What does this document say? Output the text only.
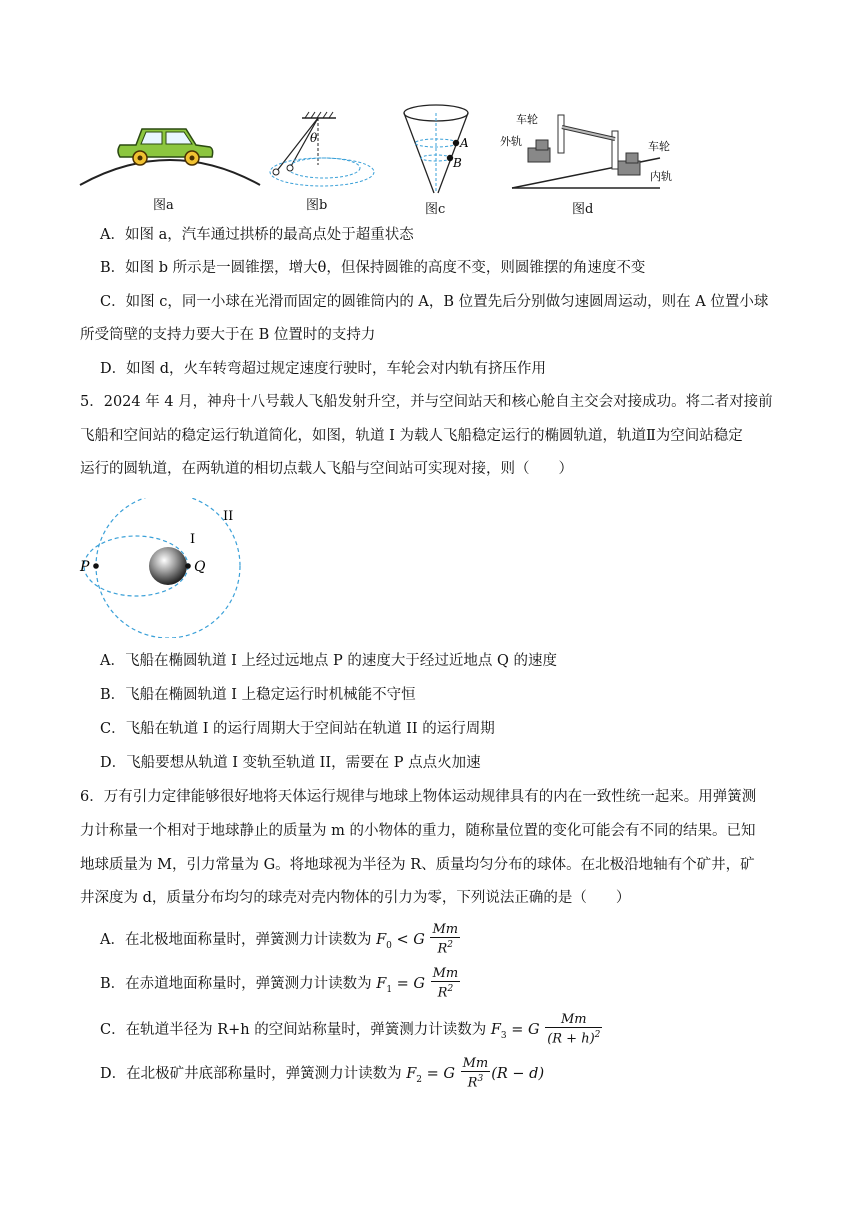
图a
θ
图b
A
B
图c
车轮
外轨	车轮
内轨
图d
A．如图 a，汽车通过拱桥的最高点处于超重状态
B．如图 b 所示是一圆锥摆，增大θ，但保持圆锥的高度不变，则圆锥摆的角速度不变
C．如图 c，同一小球在光滑而固定的圆锥筒内的 A，B 位置先后分别做匀速圆周运动，则在 A 位置小球
所受筒壁的支持力要大于在 B 位置时的支持力
D．如图 d，火车转弯超过规定速度行驶时，车轮会对内轨有挤压作用
5．2024 年 4 月，神舟十八号载人飞船发射升空，并与空间站天和核心舱自主交会对接成功。将二者对接前
飞船和空间站的稳定运行轨道简化，如图，轨道 I 为载人飞船稳定运行的椭圆轨道，轨道Ⅱ为空间站稳定
运行的圆轨道，在两轨道的相切点载人飞船与空间站可实现对接，则（　　）
II
I
P	Q
A．飞船在椭圆轨道 I 上经过远地点 P 的速度大于经过近地点 Q 的速度
B．飞船在椭圆轨道 I 上稳定运行时机械能不守恒
C．飞船在轨道 I 的运行周期大于空间站在轨道 II 的运行周期
D．飞船要想从轨道 I 变轨至轨道 II，需要在 P 点点火加速
6．万有引力定律能够很好地将天体运行规律与地球上物体运动规律具有的内在一致性统一起来。用弹簧测
力计称量一个相对于地球静止的质量为 m 的小物体的重力，随称量位置的变化可能会有不同的结果。已知
地球质量为 M，引力常量为 G。将地球视为半径为 R、质量均匀分布的球体。在北极沿地轴有个矿井，矿
井深度为 d，质量分布均匀的球壳对壳内物体的引力为零，下列说法正确的是（　　）
A．在北极地面称量时，弹簧测力计读数为 $F_0 < G \frac{Mm}{R^2}$
B．在赤道地面称量时，弹簧测力计读数为 $F_1 = G \frac{Mm}{R^2}$
C．在轨道半径为 R+h 的空间站称量时，弹簧测力计读数为 $F_3 = G \frac{Mm}{(R + h)^2}$
D．在北极矿井底部称量时，弹簧测力计读数为 $F_2 = G \frac{Mm}{R^3} (R - d)$
